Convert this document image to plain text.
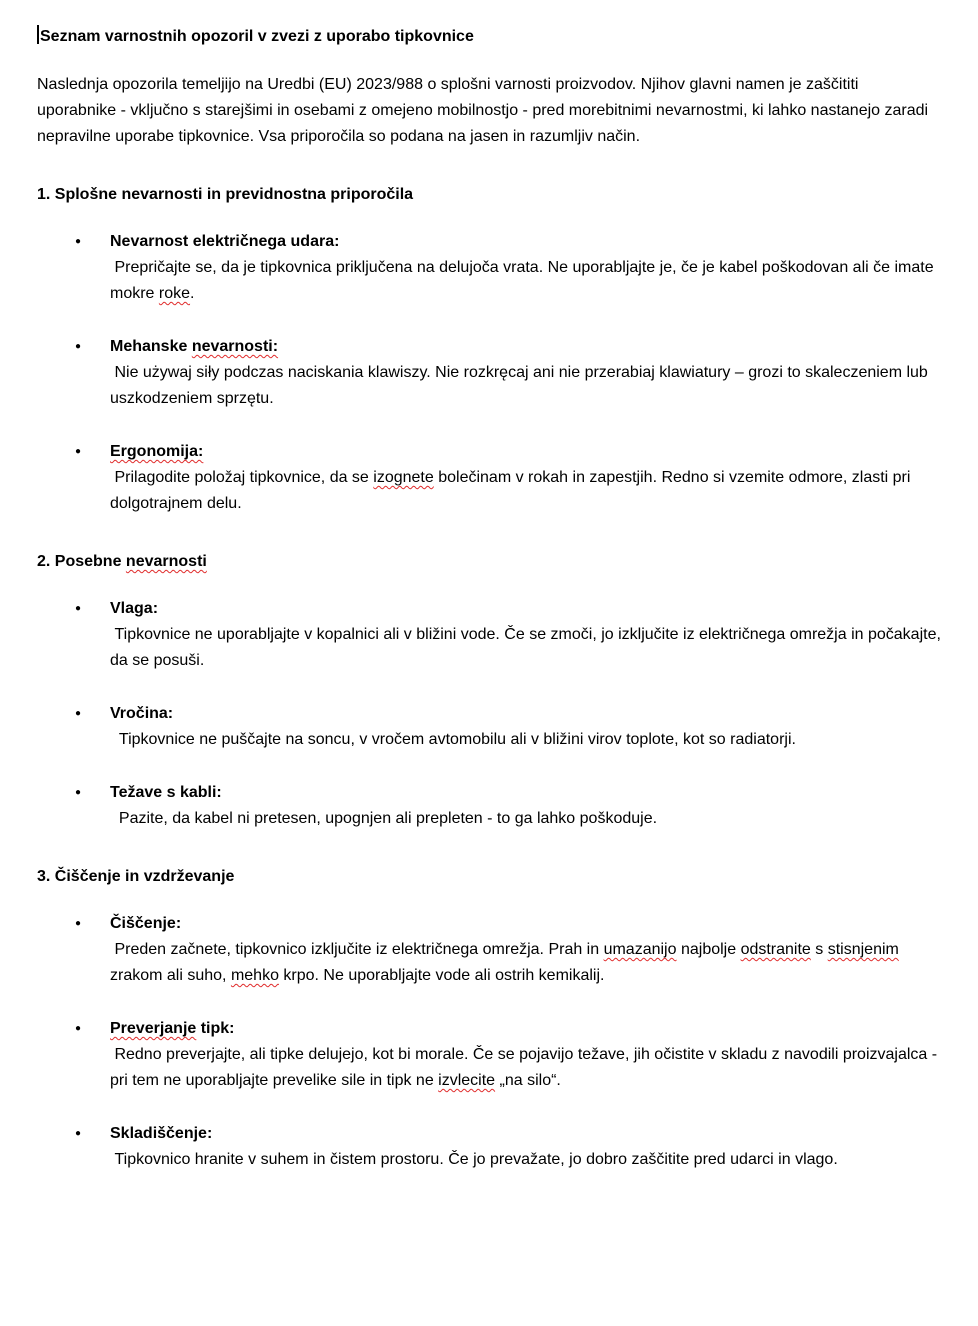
Seznam varnostnih opozoril v zvezi z uporabo tipkovnice

Naslednja opozorila temeljijo na Uredbi (EU) 2023/988 o splošni varnosti proizvodov. Njihov glavni namen je zaščititi uporabnike - vključno s starejšimi in osebami z omejeno mobilnostjo - pred morebitnimi nevarnostmi, ki lahko nastanejo zaradi nepravilne uporabe tipkovnice. Vsa priporočila so podana na jasen in razumljiv način.

1. Splošne nevarnosti in previdnostna priporočila
●	Nevarnost električnega udara:
Prepričajte se, da je tipkovnica priključena na delujoča vrata. Ne uporabljajte je, če je kabel poškodovan ali če imate mokre roke.
●	Mehanske nevarnosti:
Nie używaj siły podczas naciskania klawiszy. Nie rozkręcaj ani nie przerabiaj klawiatury – grozi to skaleczeniem lub uszkodzeniem sprzętu.
●	Ergonomija:
Prilagodite položaj tipkovnice, da se izognete bolečinam v rokah in zapestjih. Redno si vzemite odmore, zlasti pri dolgotrajnem delu.
2. Posebne nevarnosti
●	Vlaga:
Tipkovnice ne uporabljajte v kopalnici ali v bližini vode. Če se zmoči, jo izključite iz električnega omrežja in počakajte, da se posuši.
●	Vročina:
Tipkovnice ne puščajte na soncu, v vročem avtomobilu ali v bližini virov toplote, kot so radiatorji.
●	Težave s kabli:
Pazite, da kabel ni pretesen, upognjen ali prepleten - to ga lahko poškoduje.
3. Čiščenje in vzdrževanje
●	Čiščenje:
Preden začnete, tipkovnico izključite iz električnega omrežja. Prah in umazanijo najbolje odstranite s stisnjenim zrakom ali suho, mehko krpo. Ne uporabljajte vode ali ostrih kemikalij.
●	Preverjanje tipk:
Redno preverjajte, ali tipke delujejo, kot bi morale. Če se pojavijo težave, jih očistite v skladu z navodili proizvajalca - pri tem ne uporabljajte prevelike sile in tipk ne izvlecite „na silo“.
●	Skladiščenje:
Tipkovnico hranite v suhem in čistem prostoru. Če jo prevažate, jo dobro zaščitite pred udarci in vlago.
